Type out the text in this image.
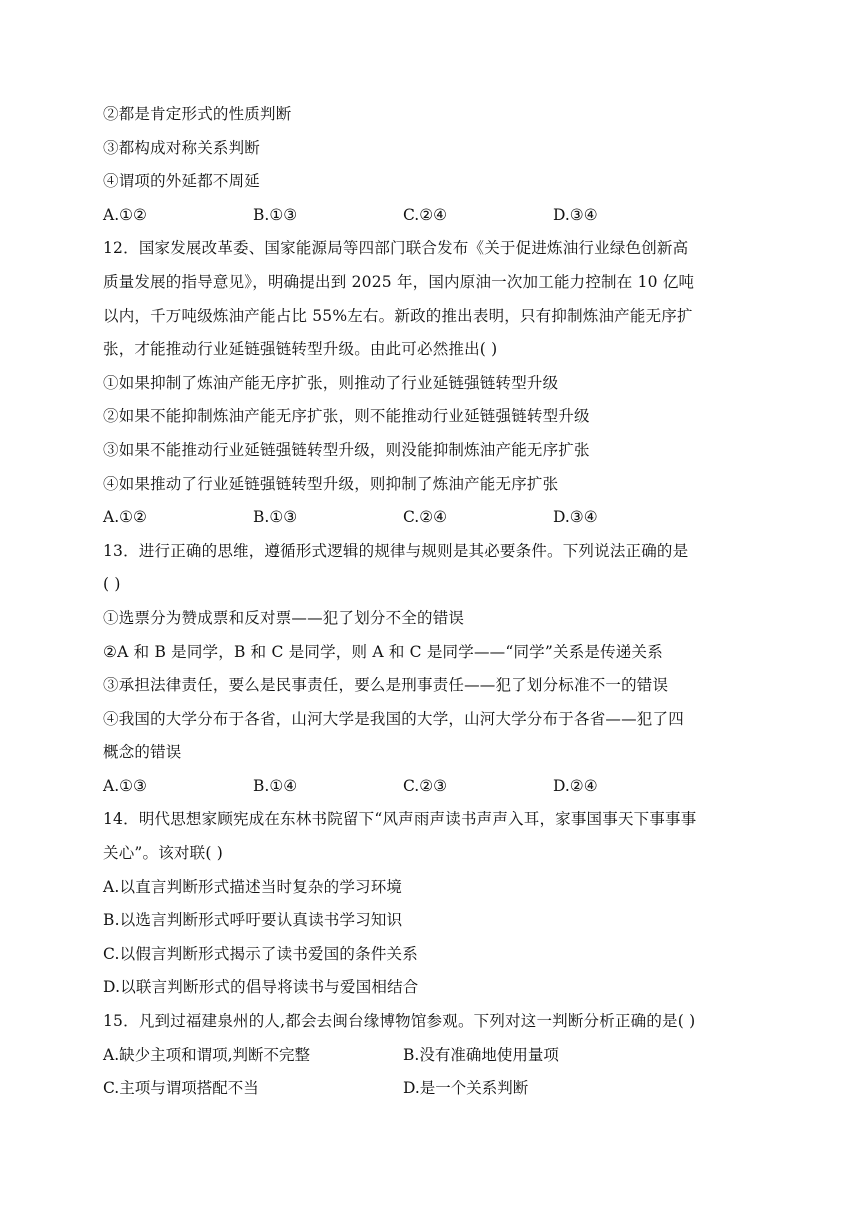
②都是肯定形式的性质判断
③都构成对称关系判断
④谓项的外延都不周延
A.①②	B.①③	C.②④	D.③④
12．国家发展改革委、国家能源局等四部门联合发布《关于促进炼油行业绿色创新高
质量发展的指导意见》，明确提出到 2025 年，国内原油一次加工能力控制在 10 亿吨
以内，千万吨级炼油产能占比 55%左右。新政的推出表明，只有抑制炼油产能无序扩
张，才能推动行业延链强链转型升级。由此可必然推出( )
①如果抑制了炼油产能无序扩张，则推动了行业延链强链转型升级
②如果不能抑制炼油产能无序扩张，则不能推动行业延链强链转型升级
③如果不能推动行业延链强链转型升级，则没能抑制炼油产能无序扩张
④如果推动了行业延链强链转型升级，则抑制了炼油产能无序扩张
A.①②	B.①③	C.②④	D.③④
13．进行正确的思维，遵循形式逻辑的规律与规则是其必要条件。下列说法正确的是
( )
①选票分为赞成票和反对票——犯了划分不全的错误
②A 和 B 是同学，B 和 C 是同学，则 A 和 C 是同学——“同学”关系是传递关系
③承担法律责任，要么是民事责任，要么是刑事责任——犯了划分标准不一的错误
④我国的大学分布于各省，山河大学是我国的大学，山河大学分布于各省——犯了四
概念的错误
A.①③	B.①④	C.②③	D.②④
14．明代思想家顾宪成在东林书院留下“风声雨声读书声声入耳，家事国事天下事事事
关心”。该对联( )
A.以直言判断形式描述当时复杂的学习环境
B.以选言判断形式呼吁要认真读书学习知识
C.以假言判断形式揭示了读书爱国的条件关系
D.以联言判断形式的倡导将读书与爱国相结合
15．凡到过福建泉州的人,都会去闽台缘博物馆参观。下列对这一判断分析正确的是( )
A.缺少主项和谓项,判断不完整	B.没有准确地使用量项
C.主项与谓项搭配不当	D.是一个关系判断
